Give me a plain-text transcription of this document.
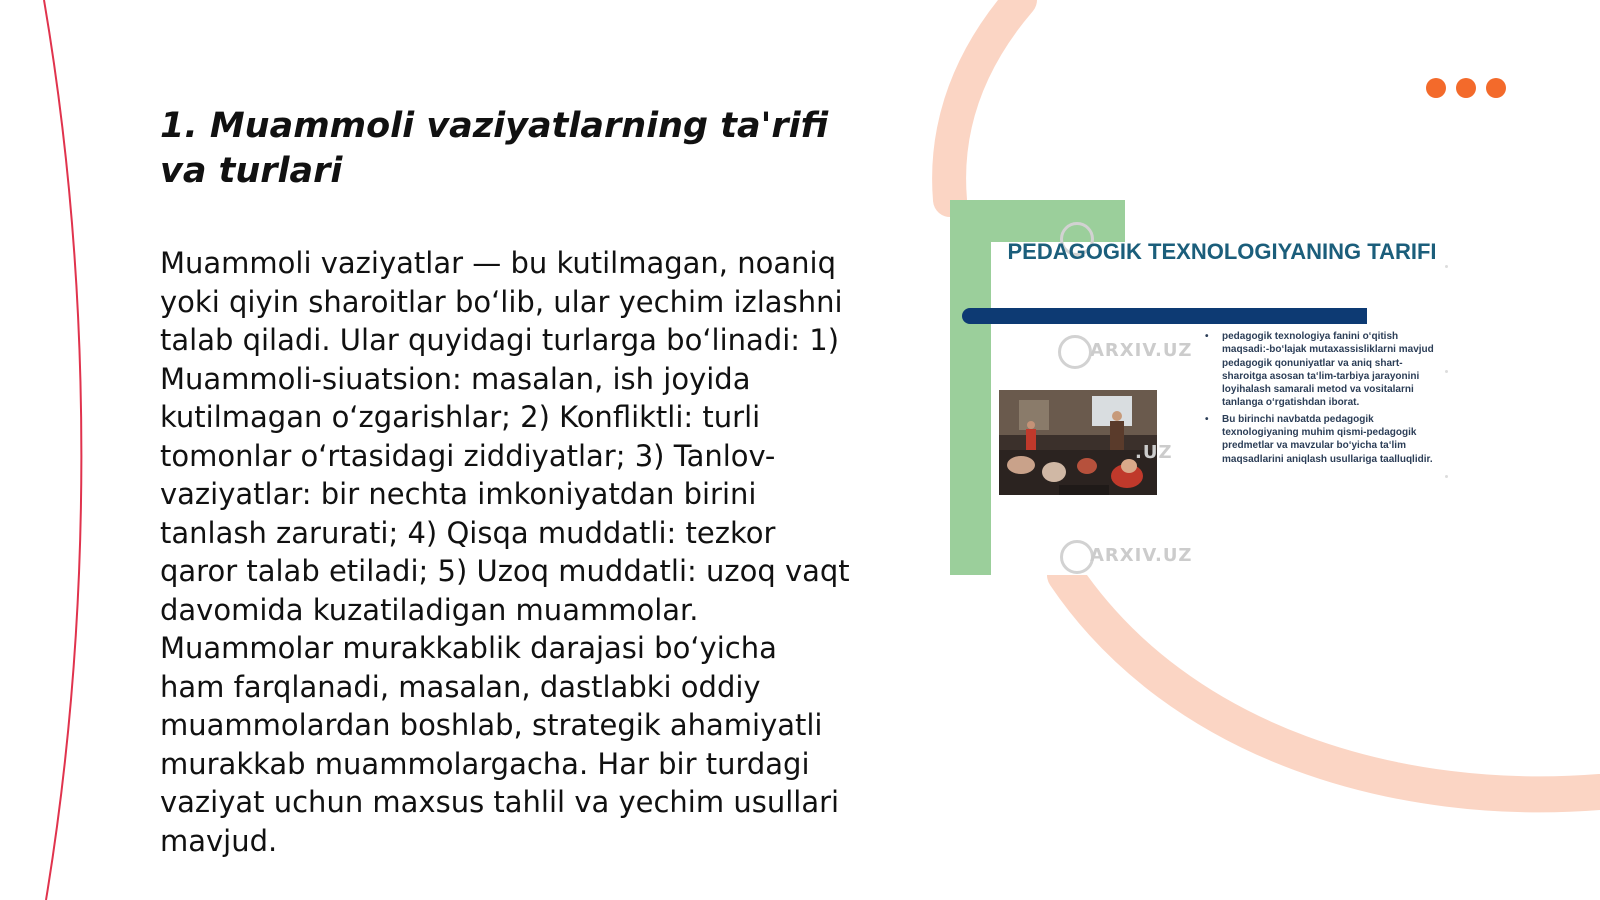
1. Muammoli vaziyatlarning ta'rifi va turlari

Muammoli vaziyatlar — bu kutilmagan, noaniq yoki qiyin sharoitlar bo‘lib, ular yechim izlashni talab qiladi. Ular quyidagi turlarga bo‘linadi: 1) Muammoli-siuatsion: masalan, ish joyida kutilmagan o‘zgarishlar; 2) Konfliktli: turli tomonlar o‘rtasidagi ziddiyatlar; 3) Tanlov-vaziyatlar: bir nechta imkoniyatdan birini tanlash zarurati; 4) Qisqa muddatli: tezkor qaror talab etiladi; 5) Uzoq muddatli: uzoq vaqt davomida kuzatiladigan muammolar. Muammolar murakkablik darajasi bo‘yicha ham farqlanadi, masalan, dastlabki oddiy muammolardan boshlab, strategik ahamiyatli murakkab muammolargacha. Har bir turdagi vaziyat uchun maxsus tahlil va yechim usullari mavjud.

PEDAGOGIK TEXNOLOGIYANING TARIFI
ARXIV.UZ
.UZ
• pedagogik texnologiya fanini o‘qitish maqsadi:-bo‘lajak mutaxassisliklarni mavjud pedagogik qonuniyatlar va aniq shart-sharoitga asosan ta‘lim-tarbiya jarayonini loyihalash samarali metod va vositalarni tanlanga o‘rgatishdan iborat.
• Bu birinchi navbatda pedagogik texnologiyaning muhim qismi-pedagogik predmetlar va mavzular bo‘yicha ta‘lim maqsadlarini aniqlash usullariga taalluqlidir.
ARXIV.UZ
